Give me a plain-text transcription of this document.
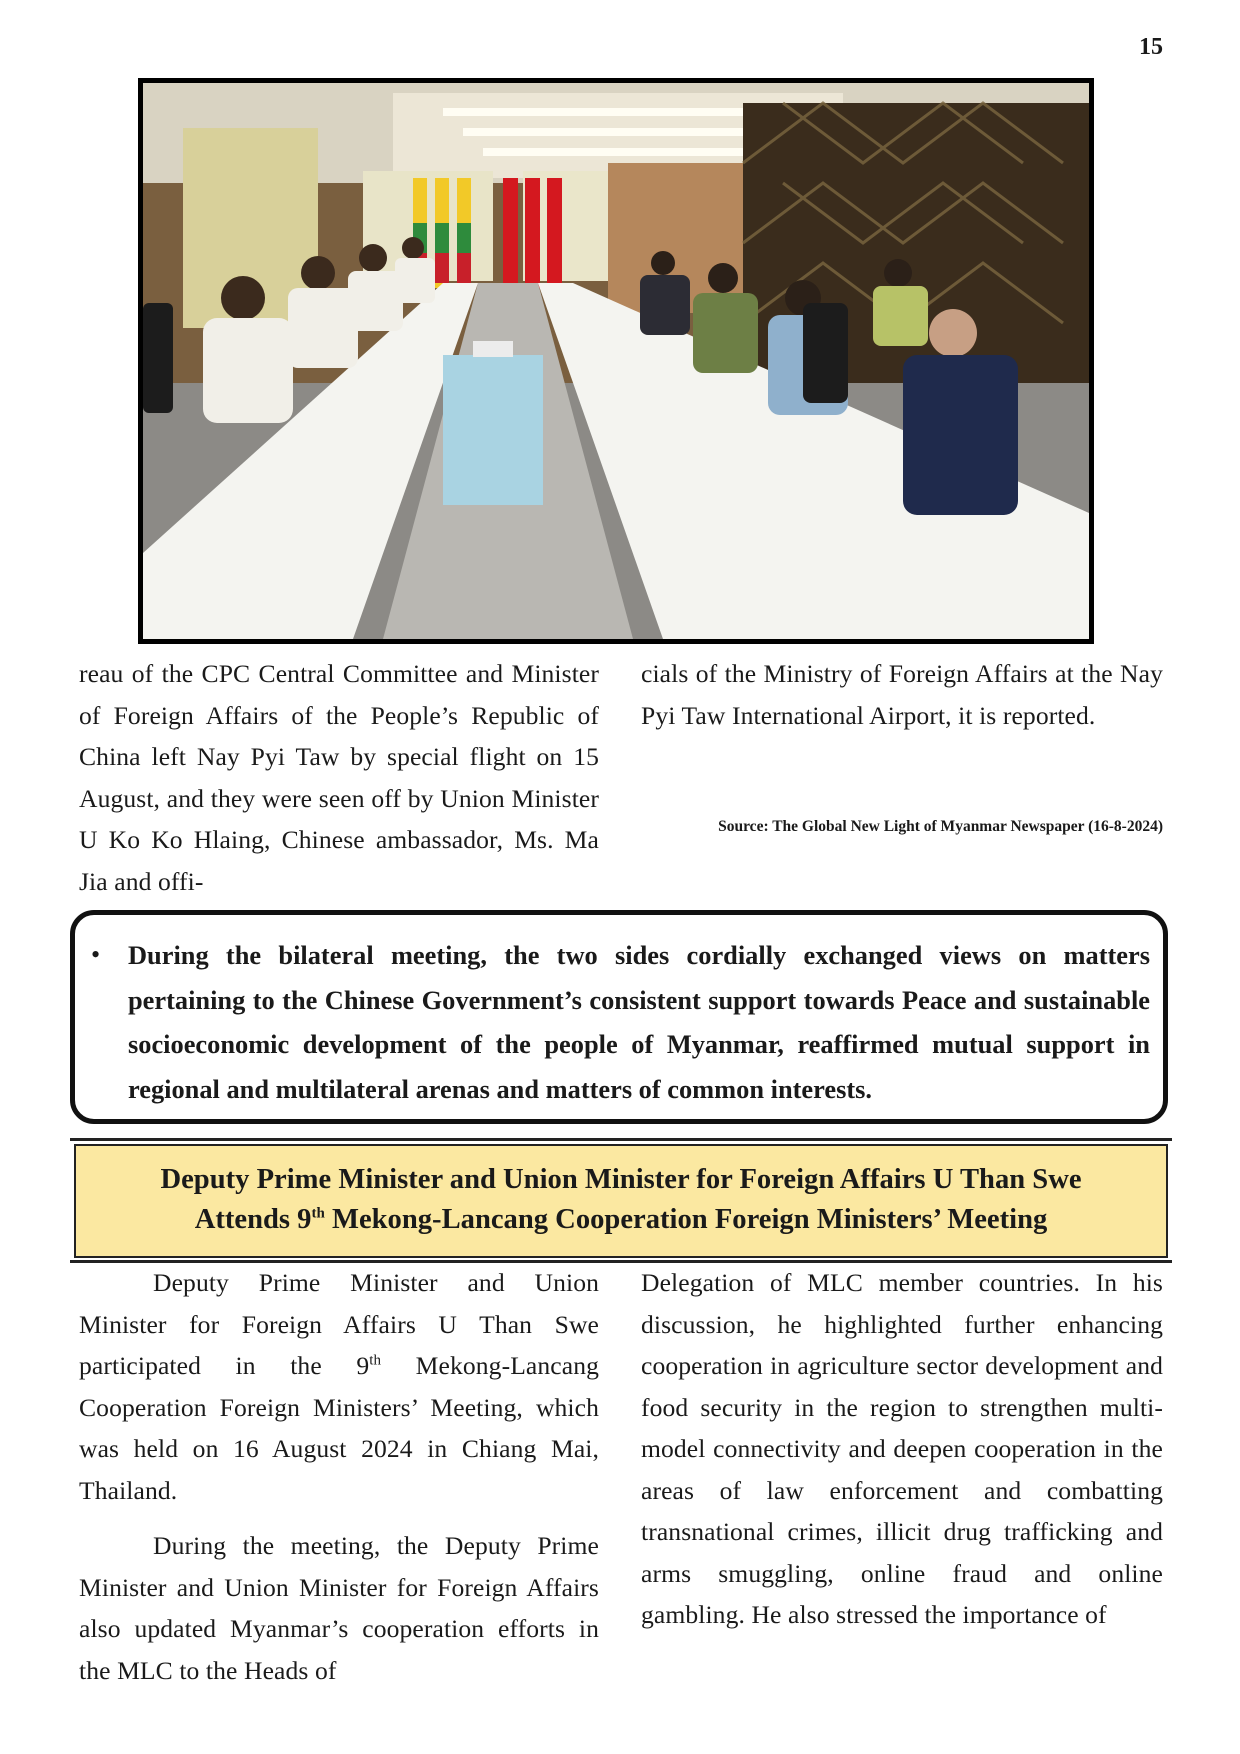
15

reau of the CPC Central Committee and Minister of Foreign Affairs of the People’s Republic of China left Nay Pyi Taw by special flight on 15 August, and they were seen off by Union Minister U Ko Ko Hlaing, Chinese ambassador, Ms. Ma Jia and offi-

cials of the Ministry of Foreign Affairs at the Nay Pyi Taw International Airport, it is reported.

Source: The Global New Light of Myanmar Newspaper (16-8-2024)
• During the bilateral meeting, the two sides cordially exchanged views on matters pertaining to the Chinese Government’s consistent support towards Peace and sustainable socioeconomic development of the people of Myanmar, reaffirmed mutual support in regional and multilateral arenas and matters of common interests.
Deputy Prime Minister and Union Minister for Foreign Affairs U Than Swe
Attends 9th Mekong-Lancang Cooperation Foreign Ministers’ Meeting

Deputy Prime Minister and Union Minister for Foreign Affairs U Than Swe participated in the 9th Mekong-Lancang Cooperation Foreign Ministers’ Meeting, which was held on 16 August 2024 in Chiang Mai, Thailand.

During the meeting, the Deputy Prime Minister and Union Minister for Foreign Affairs also updated Myanmar’s cooperation efforts in the MLC to the Heads of

Delegation of MLC member countries. In his discussion, he highlighted further enhancing cooperation in agriculture sector development and food security in the region to strengthen multi-model connectivity and deepen cooperation in the areas of law enforcement and combatting transnational crimes, illicit drug trafficking and arms smuggling, online fraud and online gambling. He also stressed the importance of
